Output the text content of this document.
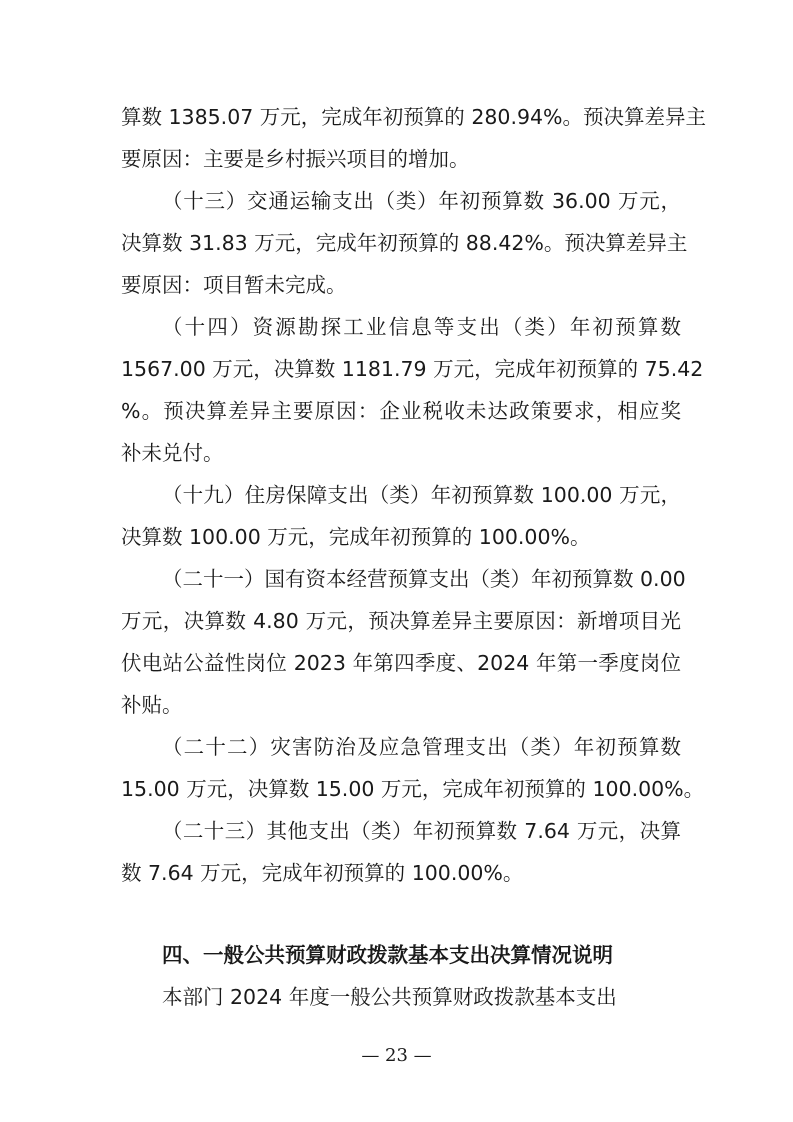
算数 1385.07 万元，完成年初预算的 280.94%。预决算差异主
要原因：主要是乡村振兴项目的增加。
（十三）交通运输支出（类）年初预算数 36.00 万元，
决算数 31.83 万元，完成年初预算的 88.42%。预决算差异主
要原因：项目暂未完成。
（十四）资源勘探工业信息等支出（类）年初预算数
1567.00 万元，决算数 1181.79 万元，完成年初预算的 75.42
%。预决算差异主要原因：企业税收未达政策要求，相应奖
补未兑付。
（十九）住房保障支出（类）年初预算数 100.00 万元，
决算数 100.00 万元，完成年初预算的 100.00%。
（二十一）国有资本经营预算支出（类）年初预算数 0.00
万元，决算数 4.80 万元，预决算差异主要原因：新增项目光
伏电站公益性岗位 2023 年第四季度、2024 年第一季度岗位
补贴。
（二十二）灾害防治及应急管理支出（类）年初预算数
15.00 万元，决算数 15.00 万元，完成年初预算的 100.00%。
（二十三）其他支出（类）年初预算数 7.64 万元，决算
数 7.64 万元，完成年初预算的 100.00%。
四、一般公共预算财政拨款基本支出决算情况说明
本部门 2024 年度一般公共预算财政拨款基本支出
— 23 —
